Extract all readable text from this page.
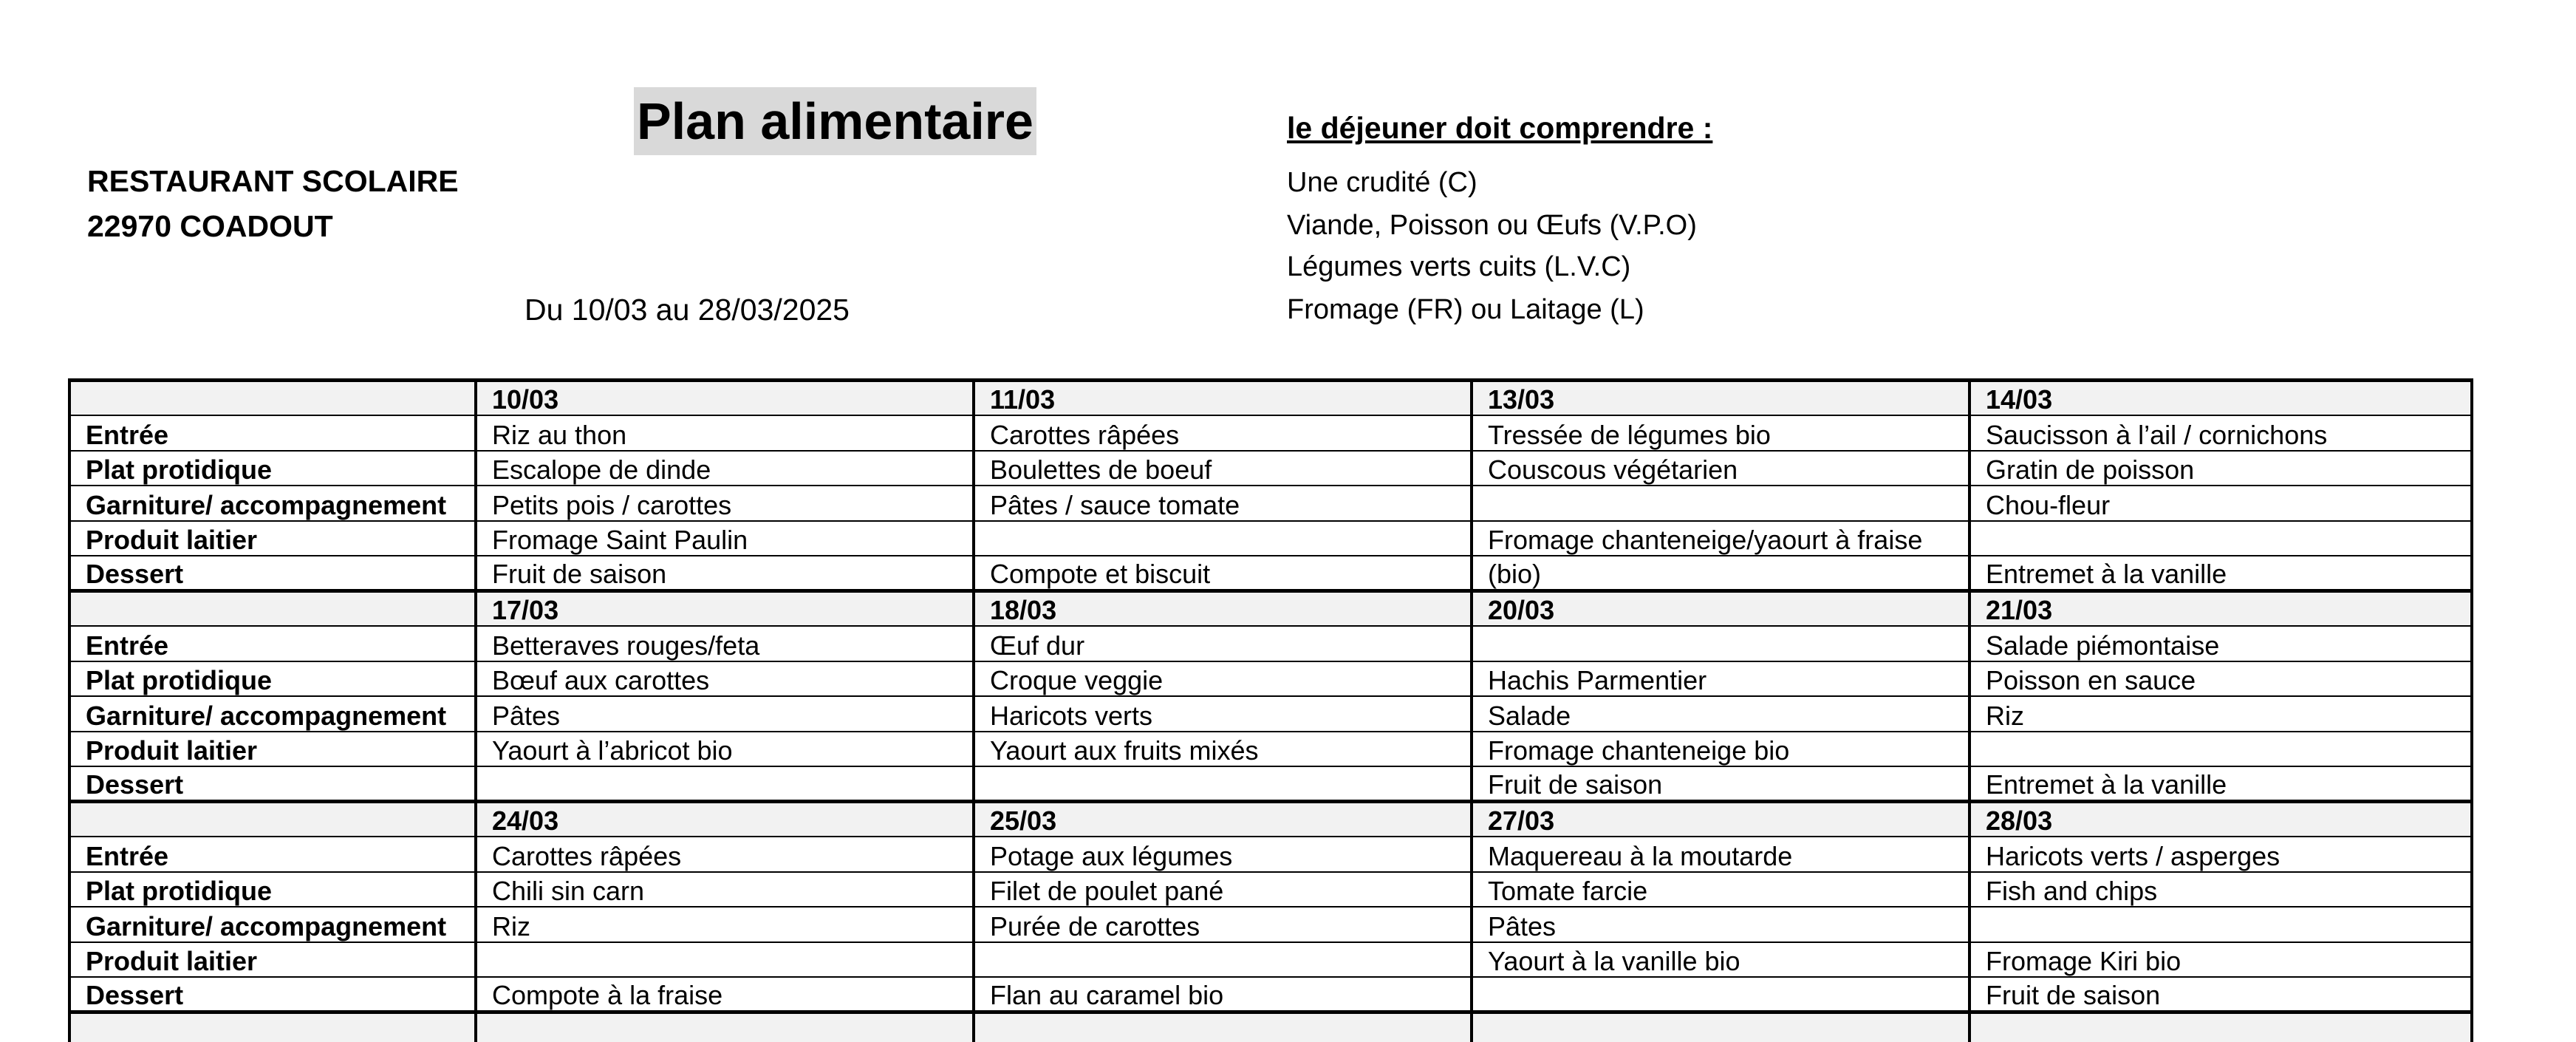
Plan alimentaire
RESTAURANT SCOLAIRE
22970 COADOUT
Du 10/03 au 28/03/2025
le déjeuner doit comprendre :
Une crudité (C)
Viande, Poisson ou Œufs (V.P.O)
Légumes verts cuits (L.V.C)
Fromage (FR) ou Laitage (L)
	10/03	11/03	13/03	14/03
Entrée	Riz au thon	Carottes râpées	Tressée de légumes bio	Saucisson à l’ail / cornichons
Plat protidique	Escalope de dinde	Boulettes de boeuf	Couscous végétarien	Gratin de poisson
Garniture/ accompagnement	Petits pois / carottes	Pâtes / sauce tomate		Chou-fleur
Produit laitier	Fromage Saint Paulin		Fromage chanteneige/yaourt à fraise	
Dessert	Fruit de saison	Compote et biscuit	(bio)	Entremet à la vanille
	17/03	18/03	20/03	21/03
Entrée	Betteraves rouges/feta	Œuf dur		Salade piémontaise
Plat protidique	Bœuf aux carottes	Croque veggie	Hachis Parmentier	Poisson en sauce
Garniture/ accompagnement	Pâtes	Haricots verts	Salade	Riz
Produit laitier	Yaourt à l’abricot bio	Yaourt aux fruits mixés	Fromage chanteneige bio	
Dessert			Fruit de saison	Entremet à la vanille
	24/03	25/03	27/03	28/03
Entrée	Carottes râpées	Potage aux légumes	Maquereau à la moutarde	Haricots verts / asperges
Plat protidique	Chili sin carn	Filet de poulet pané	Tomate farcie	Fish and chips
Garniture/ accompagnement	Riz	Purée de carottes	Pâtes	
Produit laitier			Yaourt à la vanille bio	Fromage Kiri bio
Dessert	Compote à la fraise	Flan au caramel bio		Fruit de saison
